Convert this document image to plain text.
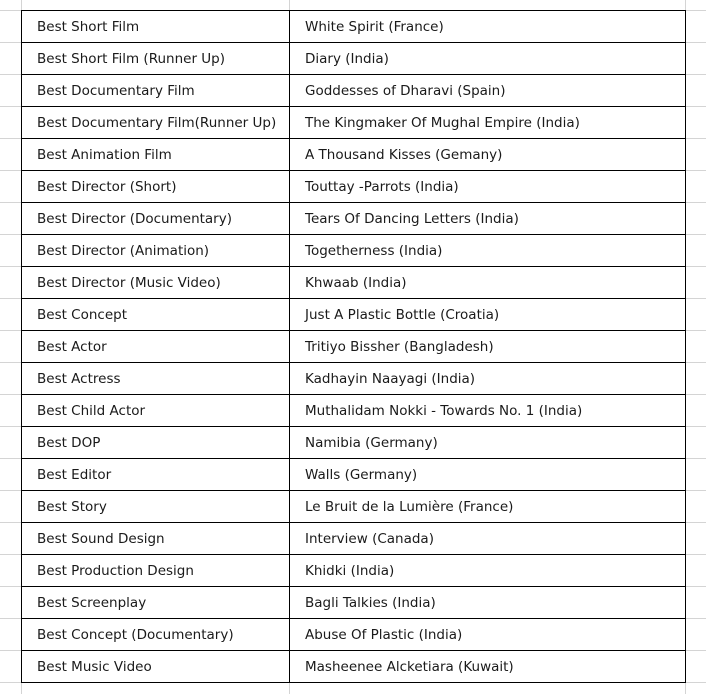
Best Short Film	White Spirit (France)
Best Short Film (Runner Up)	Diary (India)
Best Documentary Film	Goddesses of Dharavi (Spain)
Best Documentary Film(Runner Up)	The Kingmaker Of Mughal Empire (India)
Best Animation Film	A Thousand Kisses (Gemany)
Best Director (Short)	Touttay -Parrots (India)
Best Director (Documentary)	Tears Of Dancing Letters (India)
Best Director (Animation)	Togetherness (India)
Best Director (Music Video)	Khwaab (India)
Best Concept	Just A Plastic Bottle (Croatia)
Best Actor	Tritiyo Bissher (Bangladesh)
Best Actress	Kadhayin Naayagi (India)
Best Child Actor	Muthalidam Nokki - Towards No. 1 (India)
Best DOP	Namibia (Germany)
Best Editor	Walls (Germany)
Best Story	Le Bruit de la Lumière (France)
Best Sound Design	Interview (Canada)
Best Production Design	Khidki (India)
Best Screenplay	Bagli Talkies (India)
Best Concept (Documentary)	Abuse Of Plastic (India)
Best Music Video	Masheenee Alcketiara (Kuwait)
